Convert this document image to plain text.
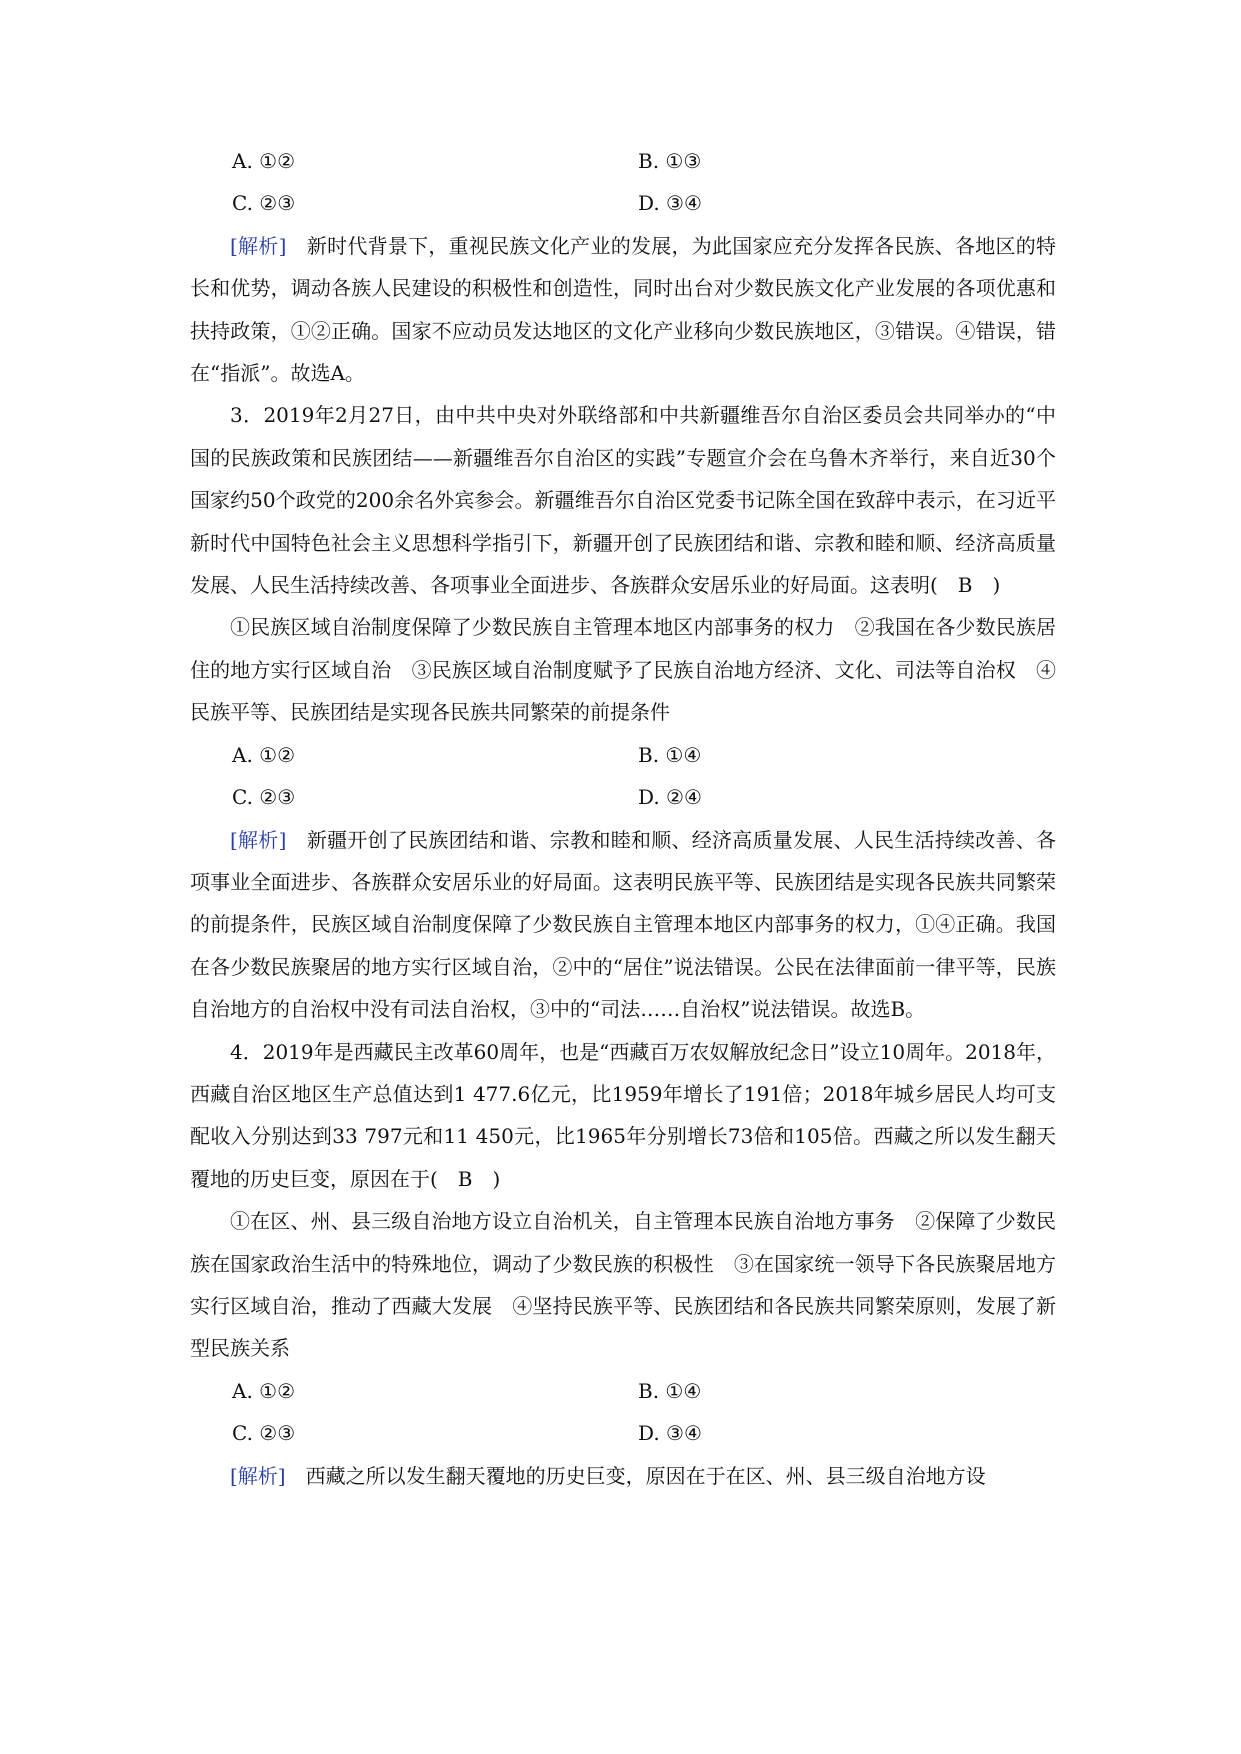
A. ①②	B. ①③
C. ②③	D. ③④

[解析]　 新时代背景下，重视民族文化产业的发展，为此国家应充分发挥各民族、各地区的特长和优势，调动各族人民建设的积极性和创造性，同时出台对少数民族文化产业发展的各项优惠和扶持政策，①②正确。国家不应动员发达地区的文化产业移向少数民族地区，③错误。④错误，错在“指派”。故选A。

3．2019年2月27日，由中共中央对外联络部和中共新疆维吾尔自治区委员会共同举办的“中国的民族政策和民族团结——新疆维吾尔自治区的实践”专题宣介会在乌鲁木齐举行，来自近30个国家约50个政党的200余名外宾参会。新疆维吾尔自治区党委书记陈全国在致辞中表示，在习近平新时代中国特色社会主义思想科学指引下，新疆开创了民族团结和谐、宗教和睦和顺、经济高质量发展、人民生活持续改善、各项事业全面进步、各族群众安居乐业的好局面。这表明(　B　)

①民族区域自治制度保障了少数民族自主管理本地区内部事务的权力　②我国在各少数民族居住的地方实行区域自治　③民族区域自治制度赋予了民族自治地方经济、文化、司法等自治权　④民族平等、民族团结是实现各民族共同繁荣的前提条件

A. ①②	B. ①④
C. ②③	D. ②④

[解析]　 新疆开创了民族团结和谐、宗教和睦和顺、经济高质量发展、人民生活持续改善、各项事业全面进步、各族群众安居乐业的好局面。这表明民族平等、民族团结是实现各民族共同繁荣的前提条件，民族区域自治制度保障了少数民族自主管理本地区内部事务的权力，①④正确。我国在各少数民族聚居的地方实行区域自治，②中的“居住”说法错误。公民在法律面前一律平等，民族自治地方的自治权中没有司法自治权，③中的“司法……自治权”说法错误。故选B。

4．2019年是西藏民主改革60周年，也是“西藏百万农奴解放纪念日”设立10周年。2018年，西藏自治区地区生产总值达到1 477.6亿元，比1959年增长了191倍；2018年城乡居民人均可支配收入分别达到33 797元和11 450元，比1965年分别增长73倍和105倍。西藏之所以发生翻天覆地的历史巨变，原因在于(　B　)

①在区、州、县三级自治地方设立自治机关，自主管理本民族自治地方事务　②保障了少数民族在国家政治生活中的特殊地位，调动了少数民族的积极性　③在国家统一领导下各民族聚居地方实行区域自治，推动了西藏大发展　④坚持民族平等、民族团结和各民族共同繁荣原则，发展了新型民族关系

A. ①②	B. ①④
C. ②③	D. ③④

[解析]　 西藏之所以发生翻天覆地的历史巨变，原因在于在区、州、县三级自治地方设
